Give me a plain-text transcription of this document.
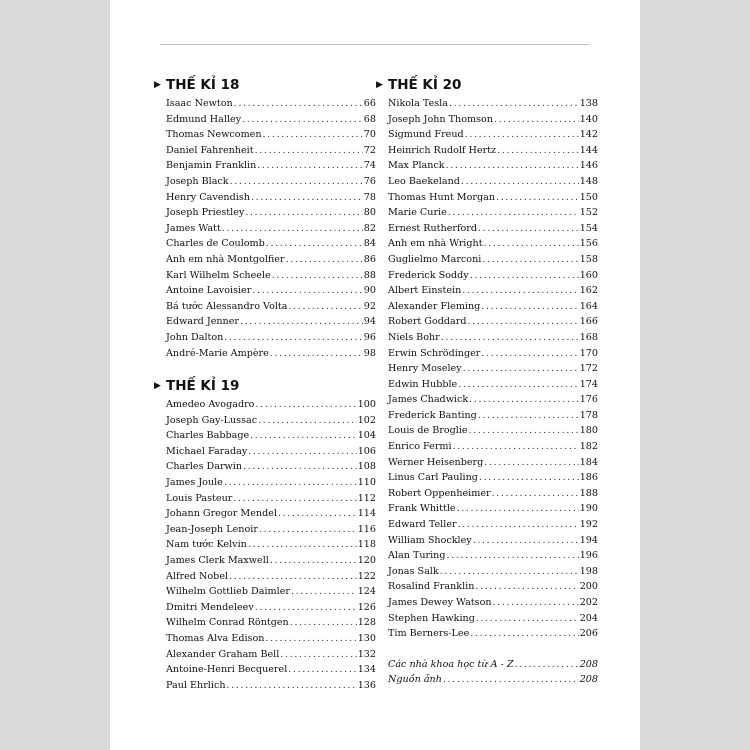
▶ THẾ KỈ 18
Isaac Newton .....	66
Edmund Halley .....	68
Thomas Newcomen .....	70
Daniel Fahrenheit .....	72
Benjamin Franklin .....	74
Joseph Black .....	76
Henry Cavendish .....	78
Joseph Priestley .....	80
James Watt .....	82
Charles de Coulomb .....	84
Anh em nhà Montgolfier .....	86
Karl Wilhelm Scheele .....	88
Antoine Lavoisier .....	90
Bá tước Alessandro Volta .....	92
Edward Jenner .....	94
John Dalton .....	96
André-Marie Ampère .....	98
▶ THẾ KỈ 19
Amedeo Avogadro .....	100
Joseph Gay-Lussac .....	102
Charles Babbage .....	104
Michael Faraday .....	106
Charles Darwin .....	108
James Joule .....	110
Louis Pasteur .....	112
Johann Gregor Mendel .....	114
Jean-Joseph Lenoir .....	116
Nam tước Kelvin .....	118
James Clerk Maxwell .....	120
Alfred Nobel .....	122
Wilhelm Gottlieb Daimler .....	124
Dmitri Mendeleev .....	126
Wilhelm Conrad Röntgen .....	128
Thomas Alva Edison .....	130
Alexander Graham Bell .....	132
Antoine-Henri Becquerel .....	134
Paul Ehrlich .....	136
▶ THẾ KỈ 20
Nikola Tesla .....	138
Joseph John Thomson .....	140
Sigmund Freud .....	142
Heinrich Rudolf Hertz .....	144
Max Planck .....	146
Leo Baekeland .....	148
Thomas Hunt Morgan .....	150
Marie Curie .....	152
Ernest Rutherford .....	154
Anh em nhà Wright .....	156
Guglielmo Marconi .....	158
Frederick Soddy .....	160
Albert Einstein .....	162
Alexander Fleming .....	164
Robert Goddard .....	166
Niels Bohr .....	168
Erwin Schrödinger .....	170
Henry Moseley .....	172
Edwin Hubble .....	174
James Chadwick .....	176
Frederick Banting .....	178
Louis de Broglie .....	180
Enrico Fermi .....	182
Werner Heisenberg .....	184
Linus Carl Pauling .....	186
Robert Oppenheimer .....	188
Frank Whittle .....	190
Edward Teller .....	192
William Shockley .....	194
Alan Turing .....	196
Jonas Salk .....	198
Rosalind Franklin .....	200
James Dewey Watson .....	202
Stephen Hawking .....	204
Tim Berners-Lee .....	206
Các nhà khoa học từ A - Z .....	208
Nguồn ảnh .....	208
